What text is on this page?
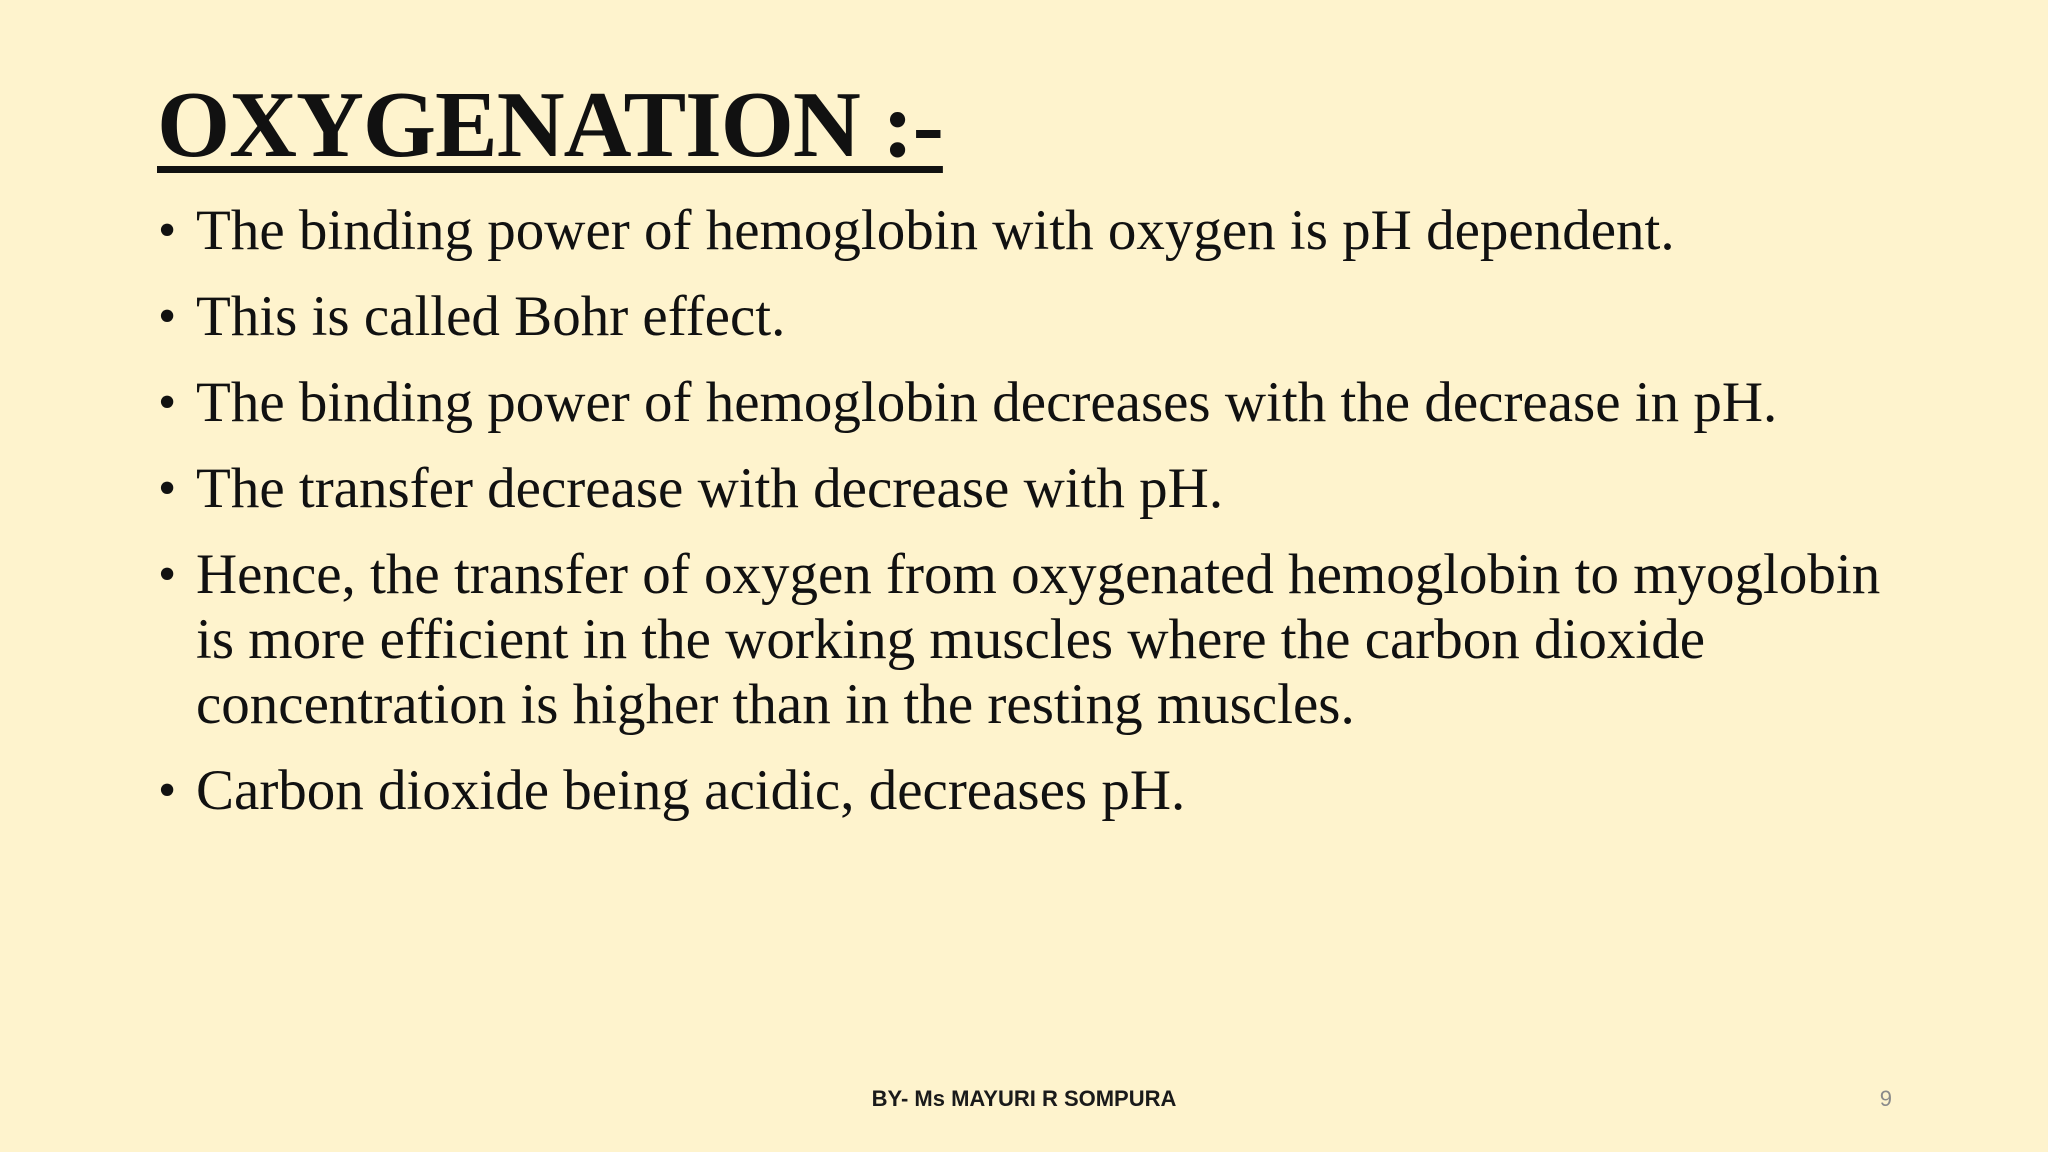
OXYGENATION :-
• The binding power of hemoglobin with oxygen is pH dependent.
• This is called Bohr effect.
• The binding power of hemoglobin decreases with the decrease in pH.
• The transfer decrease with decrease with pH.
• Hence, the transfer of oxygen from oxygenated hemoglobin to myoglobin is more efficient in the working muscles where the carbon dioxide concentration is higher than in the resting muscles.
• Carbon dioxide being acidic, decreases pH.
BY- Ms MAYURI R SOMPURA	9
